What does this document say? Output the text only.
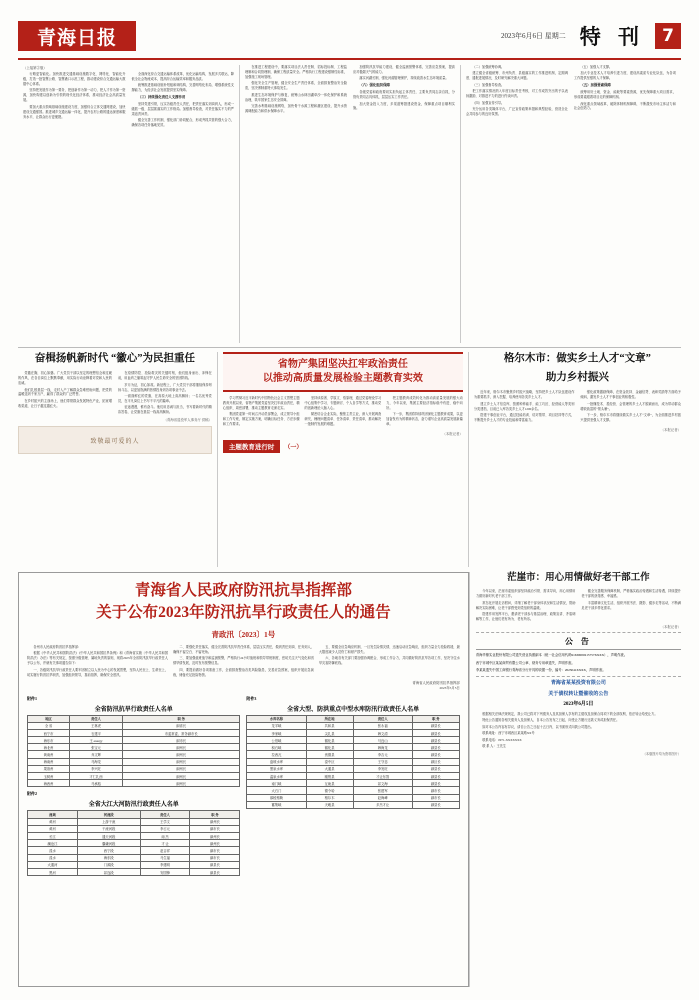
青海日报	2023年6月6日 星期二 特 刊	7
（上接第②版）

行路更智能化。加快推进交通基础设施数字化、网络化、智能化升级，打造一批智慧公路、智慧港口示范工程，推动建设综合交通运输大数据中心体系。

坚持把发展作为第一要务，把创新作为第一动力，把人才作为第一资源，加快构建以创新为引领的现代化经济体系，推动经济社会高质量发展。

要加大重点领域基础设施建设力度，加强综合立体交通网建设，加快建设交通强国。推进城乡交通运输一体化，提升农村公路的通达深度和服务水平，让群众出行更便捷。

全面深化综合交通运输体系改革，优化运输结构，发展多式联运，降低全社会物流成本，提高综合运输效率和服务品质。

统筹推进基础设施补短板和调结构，完善网络化布局，增强系统性支撑能力，为经济社会发展提供坚实保障。

（三）持续强化责任人支撑作用

坚持党建引领，压实各级责任人责任，把责任落实到岗到人，形成一级抓一级、层层抓落实的工作格局。加强督导检查，对责任落实不力的严肃追责问责。

健全完善工作机制，强化部门协同配合，形成齐抓共管的强大合力，确保各项任务落地见效。

在推进工程建设中，要落实项目法人责任制、招标投标制、工程监理制和合同管理制，确保工程质量安全。严格执行工程建设强制性标准，加强施工现场管理。

强化安全生产管理，健全安全生产责任体系，全面排查整治安全隐患，坚决遏制重特大事故发生。

推进生态环境保护与修复，统筹山水林田湖草沙一体化保护和系统治理，筑牢国家生态安全屏障。

完善水利基础设施网络，加快骨干水源工程和灌区建设，提升水资源调配能力和供水保障水平。

加强防汛抗旱能力建设，健全监测预警体系，完善应急预案，提高应对极端天气的能力。

落实河湖长制，强化河湖管理保护，持续改善水生态环境质量。

（六）强化组织保障

各级党委和政府要切实担负起主体责任，主要负责同志亲自抓，分管负责同志具体抓，层层压实工作责任。

加大资金投入力度，多渠道筹措建设资金，保障重点项目顺利实施。

（二）加强统筹协调。

建立健全省级统筹、市州负责、县级落实的工作推进机制，定期调度、通报进展情况，及时研究解决重大问题。

（三）加强督导检查。

把工作落实情况纳入年度目标责任考核，对工作成效突出的予以表扬激励，对推进不力的进行约谈问责。

（四）加强宣传引导。

充分运用各类媒体平台，广泛宣传政策举措和典型经验，营造全社会共同参与的良好氛围。

（五）加强人才支撑。

加大专业技术人才培养引进力度，建设高素质专业化队伍，为各项工作提供坚强的人才保障。

（五）加强要素保障

统筹用好土地、资金、能耗等要素资源，优先保障重大项目需求，形成要素跟着项目走的保障机制。

深化重点领域改革，破除体制机制障碍，不断激发市场主体活力和社会创造力。

奋楫扬帆新时代 “徽心”为民担重任

党徽在胸，初心如磐。广大党员干部以坚定的理想信念和过硬的作风，在各自岗位上默默奉献，用实际行动诠释着对党和人民的忠诚。

他们扎根基层一线，走村入户了解群众急难愁盼问题，把党的温暖送到千家万户，赢得了群众的广泛赞誉。

在乡村振兴的主战场上，他们带领群众发展特色产业，拓宽增收渠道，让日子越过越红火。

在疫情防控、抢险救灾的关键时刻，他们挺身而出、冲锋在前，用血肉之躯筑起守护人民生命安全的坚固防线。

岁月为证，初心如故。新征程上，广大党员干部将继续保持昂扬斗志，以更加饱满的热情投身到各项事业中去。

一面面鲜红的党旗，在高原大地上高高飘扬；一名名优秀党员，在平凡岗位上书写不平凡的篇章。

征途漫漫，惟有奋斗。他们用忠诚与担当，书写着新时代的精彩答卷，让党旗在基层一线高高飘扬。

（青海省退役军人事务厅 供稿）
致敬最可爱的人
省物产集团坚决扛牢政治责任
以推动高质量发展检验主题教育实效

学习贯彻习近平新时代中国特色社会主义思想主题教育开展以来，省物产集团党委坚决扛牢政治责任，精心组织、周密部署，推动主题教育走深走实。

集团党委第一时间召开动员部署会，成立领导小组和工作专班，制定实施方案，明确目标任务、方法步骤和工作要求。

坚持读原著、学原文、悟原理，通过党委理论学习中心组集中学习、专题研讨、个人自学等方式，推动党的创新理论入脑入心。

紧密结合企业实际，聚焦主责主业，深入开展调查研究，梳理问题清单、任务清单、责任清单，推动解决一批制约发展的难题。

把主题教育成效转化为推动高质量发展的强大动力，今年以来，集团主要经济指标稳中有进、稳中向好。

下一步，集团将持续巩固深化主题教育成果，以更加奋发有为的精神状态，奋力谱写企业高质量发展新篇章。

（本报记者）
主题教育进行时	（一）
格尔木市：做实乡土人才“文章”
助力乡村振兴

近年来，格尔木市聚焦乡村振兴战略，坚持把乡土人才队伍建设作为重要抓手，深入挖掘、培养使用各类乡土人才。

建立乡土人才信息库，按照种养能手、能工巧匠、经营能人等类别分类建档，目前已入库各类乡土人才1200余名。

搭建干事创业平台，通过技能培训、结对帮带、项目扶持等方式，不断提升乡土人才的专业技能和带富能力。

强化政策激励保障，在资金扶持、金融信贷、表彰奖励等方面给予倾斜，激发乡土人才干事创业的积极性。

一批懂技术、善经营、会管理的乡土人才脱颖而出，成为带动群众增收致富的“领头雁”。

下一步，格尔木市将继续做实乡土人才“文章”，为全面推进乡村振兴提供坚强人才支撑。

（本报记者）
青海省人民政府防汛抗旱指挥部
关于公布2023年防汛抗旱行政责任人的通告
青政汛〔2023〕1号

各州市人民政府防汛抗旱指挥部：

根据《中华人民共和国防洪法》《中华人民共和国抗旱条例》和《青海省实施〈中华人民共和国防洪法〉办法》等有关规定，按照分级管理、属地负责的原则，现将2023年全省防汛抗旱行政责任人予以公布，并就有关事项通告如下：

一、各级防汛抗旱行政责任人要牢固树立以人民为中心的发展思想，坚持人民至上、生命至上，切实履行防汛抗旱职责，加强组织领导，靠前指挥，确保安全度汛。

二、要强化责任落实，健全完善防汛抗旱责任体系，层层压实责任，做到责任到岗、任务到人，确保不留空白、不留死角。

三、要加强值班值守和监测预警，严格执行24小时值班和领导带班制度，密切关注天气变化和汛情旱情发展，及时发布预警信息。

四、要提前做好各项准备工作，全面排查整治各类风险隐患，完善应急预案，组织开展应急演练，储备充足抢险物资。

五、要健全应急响应机制，一旦发生险情灾情，迅速启动应急响应，组织力量全力抢险救援，最大限度减少人员伤亡和财产损失。

六、各地各有关部门要加强协调配合，形成工作合力，共同做好防汛抗旱各项工作，坚决守住水旱灾害防御底线。

青海省人民政府防汛抗旱指挥部
2023年5月5日
附件1
全省防汛抗旱行政责任人名单
地区	责任人	职 务
全 省	王林虎	副省长
西宁市	石建平	市委常委、常务副市长
海东市	王 energy	副市长
海北州	张宝元	副州长
黄南州	乔文辉	副州长
海南州	马海龙	副州长
果洛州	李兴旺	副州长
玉树州	才仁扎西	副州长
海西州	马承彪	副州长
附件2
全省大江大河防汛行政责任人名单
流域	河流段	责任人	职 务
黄河	上游干流	王学文	副州长
黄河	干流河段	李占元	副市长
长江	通天河段	南 杰	副州长
澜沧江	囊谦河段	才 让	副州长
湟水	西宁段	赵吉祥	副市长
湟水	海东段	马生福	副市长
大通河	门源段	李建明	副县长
黑河	祁连段	安国锋	副县长
附件3
全省大型、防洪重点中型水库防汛行政责任人名单
水库名称	所在地	责任人	职 务
龙羊峡	共和县	张永福	副县长
李家峡	尖扎县	韩文清	副县长
公伯峡	循化县	马良山	副县长
积石峡	循化县	韩海龙	副县长
拉西瓦	贵德县	李吉元	副县长
盘坡水库	湟中区	王守忠	副区长
黑泉水库	大通县	李发旺	副县长
温泉水库	刚察县	才让东智	副县长
南门峡	互助县	祁文海	副县长
大石门	德令哈	张建军	副市长
那棱格勒	格尔木	赵海峰	副市长
蓄集峡	天峻县	多杰才让	副县长
茫崖市：用心用情做好老干部工作

今年以来，茫崖市委组织部坚持政治引领、需求导向，用心用情用力做好新时代老干部工作。

常态化开展走访慰问，详细了解老干部身体状况和生活情况，帮助解决实际困难，让老干部感受到党组织的温暖。

搭建作用发挥平台，邀请老干部参与基层治理、政策宣讲、矛盾调解等工作，让他们老有所为、老有所乐。

健全完善服务保障机制，严格落实政治待遇和生活待遇，持续提升老干部的获得感、幸福感。

丰富精神文化生活，组织开展书法、摄影、健步走等活动，不断满足老干部多样化需求。

（本报记者）
公 告
青海华鼎实业股份有限公司遗失营业执照副本（统一社会信用代码91630000215757XXXX），声明作废。
西宁市城中区某某商贸有限公司公章、财务专用章遗失，声明作废。
李某某遗失中国工商银行青海省分行开具的收据一份，编号：2023041XXXX，声明作废。
青海省某某投资有限公司
关于债权转让暨催收的公告
2023年6月5日

根据相关法律法规规定，我公司已将对下列债务人及其担保人享有的主债权及担保合同项下的全部权利，依法转让给受让方。

特此公告通知各相关债务人及担保人，自本公告发布之日起，向受让方履行还款义务或担保责任。

如对本公告内容有异议，请自公告之日起十五日内，以书面形式向我公司提出。

联系地址：西宁市城西区某某路XX号

联系电话：0971-XXXXXXX

联 系 人：王先生

（本版图片均为资料图片）
